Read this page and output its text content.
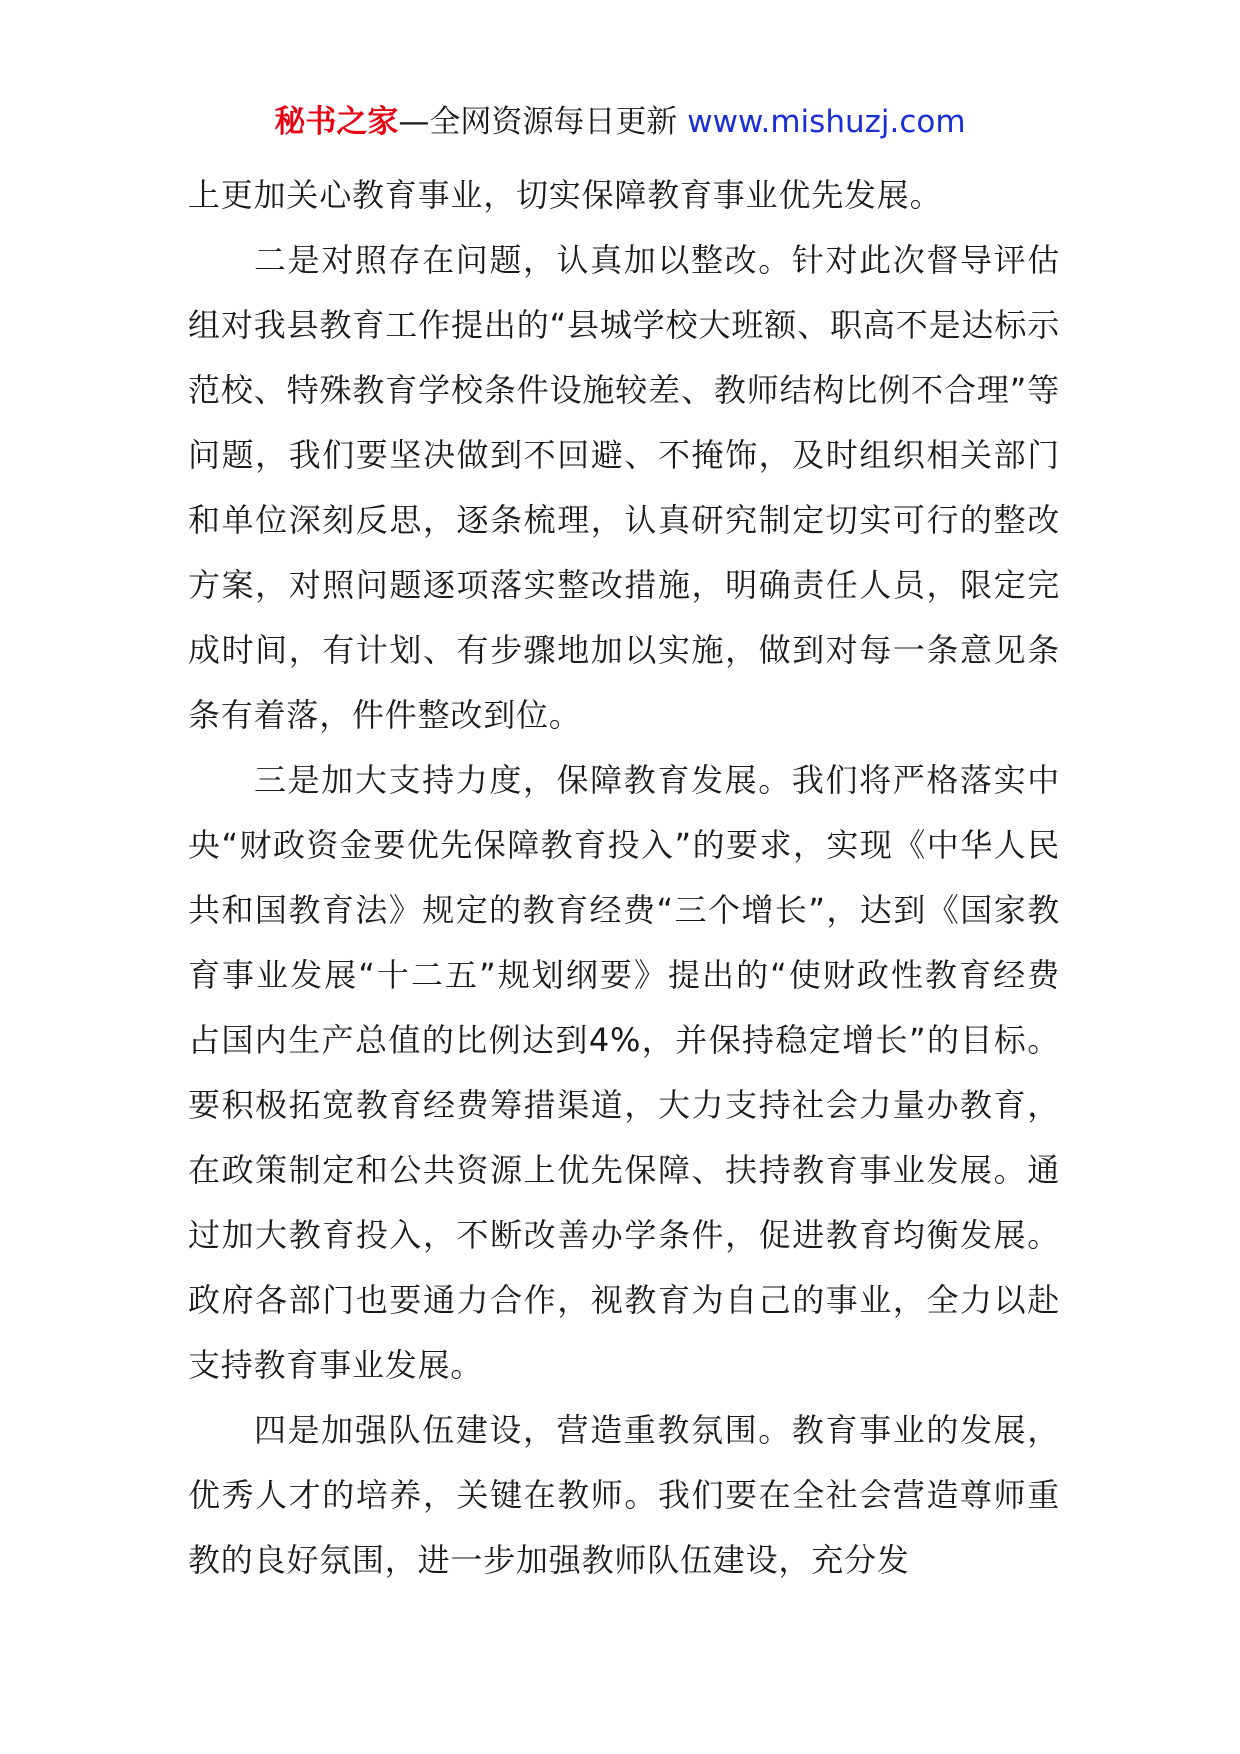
秘书之家—全网资源每日更新 www.mishuzj.com

上更加关心教育事业，切实保障教育事业优先发展。

二是对照存在问题，认真加以整改。针对此次督导评估组对我县教育工作提出的“县城学校大班额、职高不是达标示范校、特殊教育学校条件设施较差、教师结构比例不合理”等问题，我们要坚决做到不回避、不掩饰，及时组织相关部门和单位深刻反思，逐条梳理，认真研究制定切实可行的整改方案，对照问题逐项落实整改措施，明确责任人员，限定完成时间，有计划、有步骤地加以实施，做到对每一条意见条条有着落，件件整改到位。

三是加大支持力度，保障教育发展。我们将严格落实中央“财政资金要优先保障教育投入”的要求，实现《中华人民共和国教育法》规定的教育经费“三个增长”，达到《国家教育事业发展“十二五”规划纲要》提出的“使财政性教育经费占国内生产总值的比例达到4%，并保持稳定增长”的目标。要积极拓宽教育经费筹措渠道，大力支持社会力量办教育，在政策制定和公共资源上优先保障、扶持教育事业发展。通过加大教育投入，不断改善办学条件，促进教育均衡发展。政府各部门也要通力合作，视教育为自己的事业，全力以赴支持教育事业发展。

四是加强队伍建设，营造重教氛围。教育事业的发展，优秀人才的培养，关键在教师。我们要在全社会营造尊师重教的良好氛围，进一步加强教师队伍建设，充分发
